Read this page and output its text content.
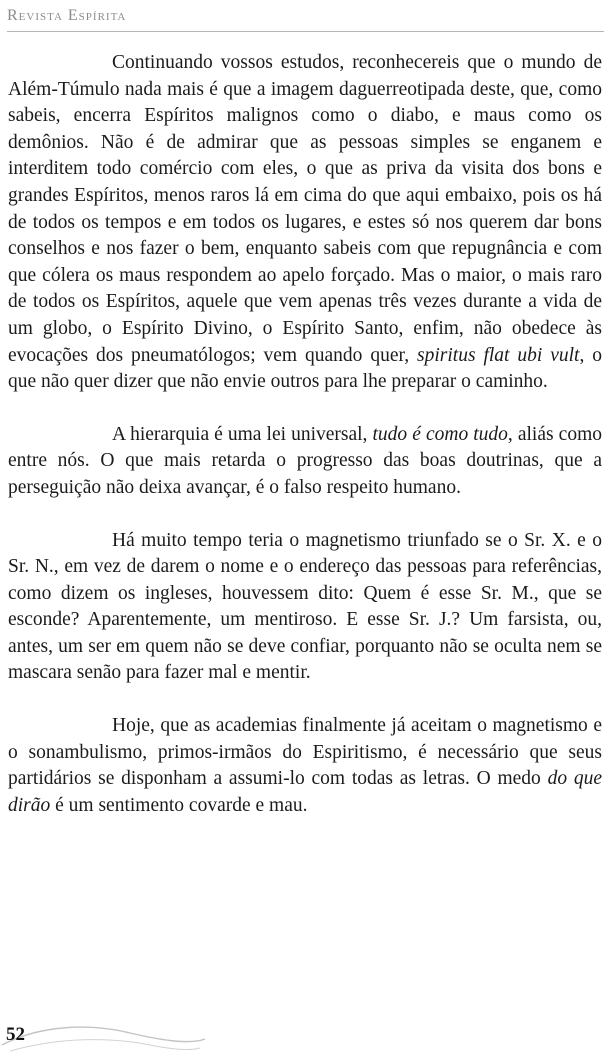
Revista Espírita

Continuando vossos estudos, reconhecereis que o mundo de Além-Túmulo nada mais é que a imagem daguerreotipada deste, que, como sabeis, encerra Espíritos malignos como o diabo, e maus como os demônios. Não é de admirar que as pessoas simples se enganem e interditem todo comércio com eles, o que as priva da visita dos bons e grandes Espíritos, menos raros lá em cima do que aqui embaixo, pois os há de todos os tempos e em todos os lugares, e estes só nos querem dar bons conselhos e nos fazer o bem, enquanto sabeis com que repugnância e com que cólera os maus respondem ao apelo forçado. Mas o maior, o mais raro de todos os Espíritos, aquele que vem apenas três vezes durante a vida de um globo, o Espírito Divino, o Espírito Santo, enfim, não obedece às evocações dos pneumatólogos; vem quando quer, spiritus flat ubi vult, o que não quer dizer que não envie outros para lhe preparar o caminho.

A hierarquia é uma lei universal, tudo é como tudo, aliás como entre nós. O que mais retarda o progresso das boas doutrinas, que a perseguição não deixa avançar, é o falso respeito humano.

Há muito tempo teria o magnetismo triunfado se o Sr. X. e o Sr. N., em vez de darem o nome e o endereço das pessoas para referências, como dizem os ingleses, houvessem dito: Quem é esse Sr. M., que se esconde? Aparentemente, um mentiroso. E esse Sr. J.? Um farsista, ou, antes, um ser em quem não se deve confiar, porquanto não se oculta nem se mascara senão para fazer mal e mentir.

Hoje, que as academias finalmente já aceitam o magnetismo e o sonambulismo, primos-irmãos do Espiritismo, é necessário que seus partidários se disponham a assumi-lo com todas as letras. O medo do que dirão é um sentimento covarde e mau.

52
